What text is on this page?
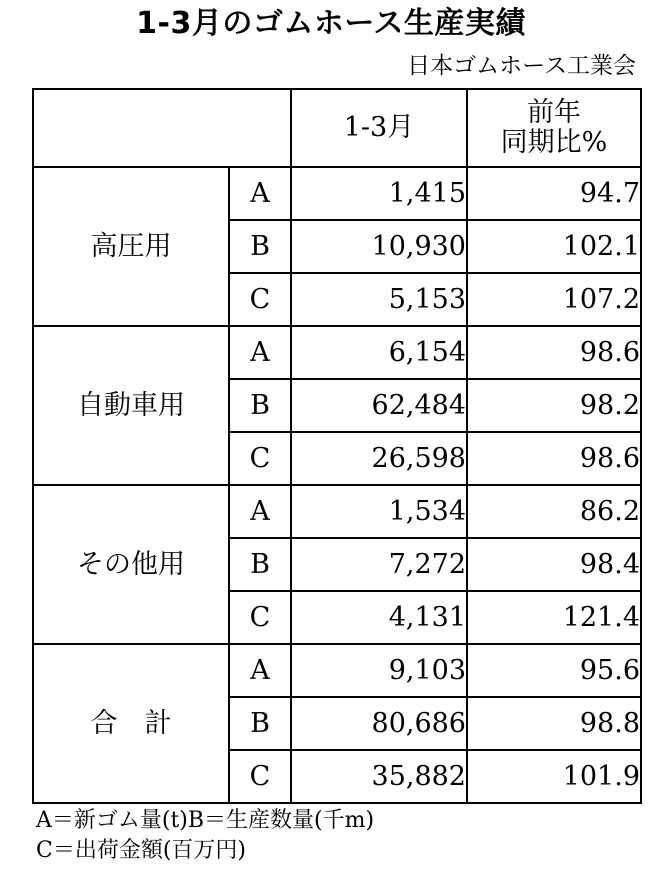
1-3月のゴムホース生産実績
日本ゴムホース工業会
		1-3月	前年
同期比%

高圧用	A	1,415	94.7
	B	10,930	102.1
	C	5,153	107.2
自動車用	A	6,154	98.6
	B	62,484	98.2
	C	26,598	98.6
その他用	A	1,534	86.2
	B	7,272	98.4
	C	4,131	121.4
合　計	A	9,103	95.6
	B	80,686	98.8
	C	35,882	101.9
A＝新ゴム量(t)B＝生産数量(千m)
C＝出荷金額(百万円)
